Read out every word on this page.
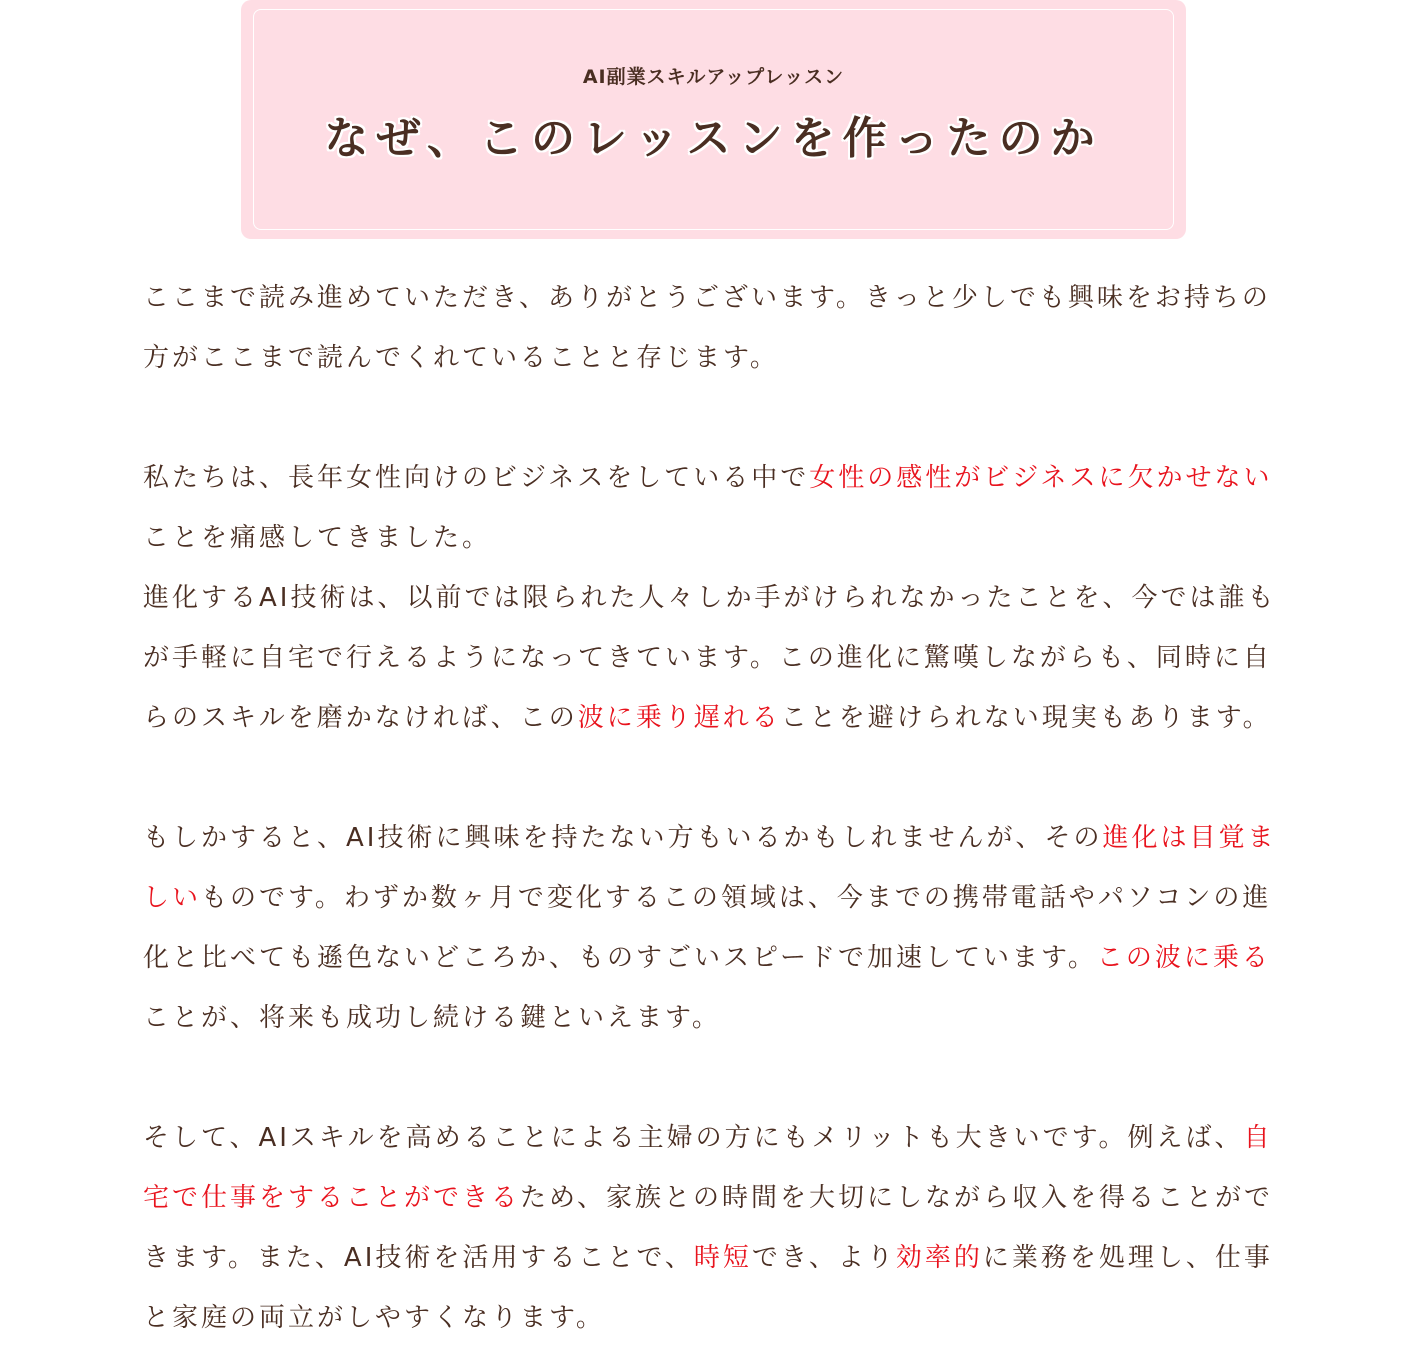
AI副業スキルアップレッスン
なぜ、このレッスンを作ったのか

ここまで読み進めていただき、ありがとうございます。きっと少しでも興味をお持ちの方がここまで読んでくれていることと存じます。

私たちは、長年女性向けのビジネスをしている中で女性の感性がビジネスに欠かせないことを痛感してきました。
進化するAI技術は、以前では限られた人々しか手がけられなかったことを、今では誰もが手軽に自宅で行えるようになってきています。この進化に驚嘆しながらも、同時に自らのスキルを磨かなければ、この波に乗り遅れることを避けられない現実もあります。

もしかすると、AI技術に興味を持たない方もいるかもしれませんが、その進化は目覚ましいものです。わずか数ヶ月で変化するこの領域は、今までの携帯電話やパソコンの進化と比べても遜色ないどころか、ものすごいスピードで加速しています。この波に乗ることが、将来も成功し続ける鍵といえます。

そして、AIスキルを高めることによる主婦の方にもメリットも大きいです。例えば、自宅で仕事をすることができるため、家族との時間を大切にしながら収入を得ることができます。また、AI技術を活用することで、時短でき、より効率的に業務を処理し、仕事と家庭の両立がしやすくなります。
